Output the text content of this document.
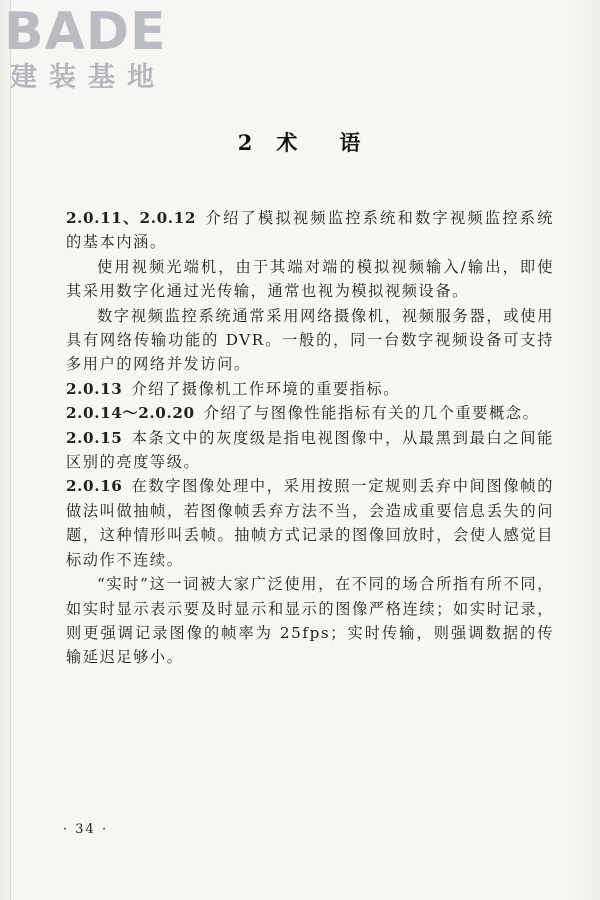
BADE
建装基地
2 术 语

2.0.11、2.0.12 介绍了模拟视频监控系统和数字视频监控系统的基本内涵。

使用视频光端机，由于其端对端的模拟视频输入/输出，即使其采用数字化通过光传输，通常也视为模拟视频设备。

数字视频监控系统通常采用网络摄像机，视频服务器，或使用具有网络传输功能的 DVR。一般的，同一台数字视频设备可支持多用户的网络并发访问。

2.0.13 介绍了摄像机工作环境的重要指标。

2.0.14～2.0.20 介绍了与图像性能指标有关的几个重要概念。

2.0.15 本条文中的灰度级是指电视图像中，从最黑到最白之间能区别的亮度等级。

2.0.16 在数字图像处理中，采用按照一定规则丢弃中间图像帧的做法叫做抽帧，若图像帧丢弃方法不当，会造成重要信息丢失的问题，这种情形叫丢帧。抽帧方式记录的图像回放时，会使人感觉目标动作不连续。

“实时”这一词被大家广泛使用，在不同的场合所指有所不同，如实时显示表示要及时显示和显示的图像严格连续；如实时记录，则更强调记录图像的帧率为 25fps；实时传输，则强调数据的传输延迟足够小。

· 34 ·
